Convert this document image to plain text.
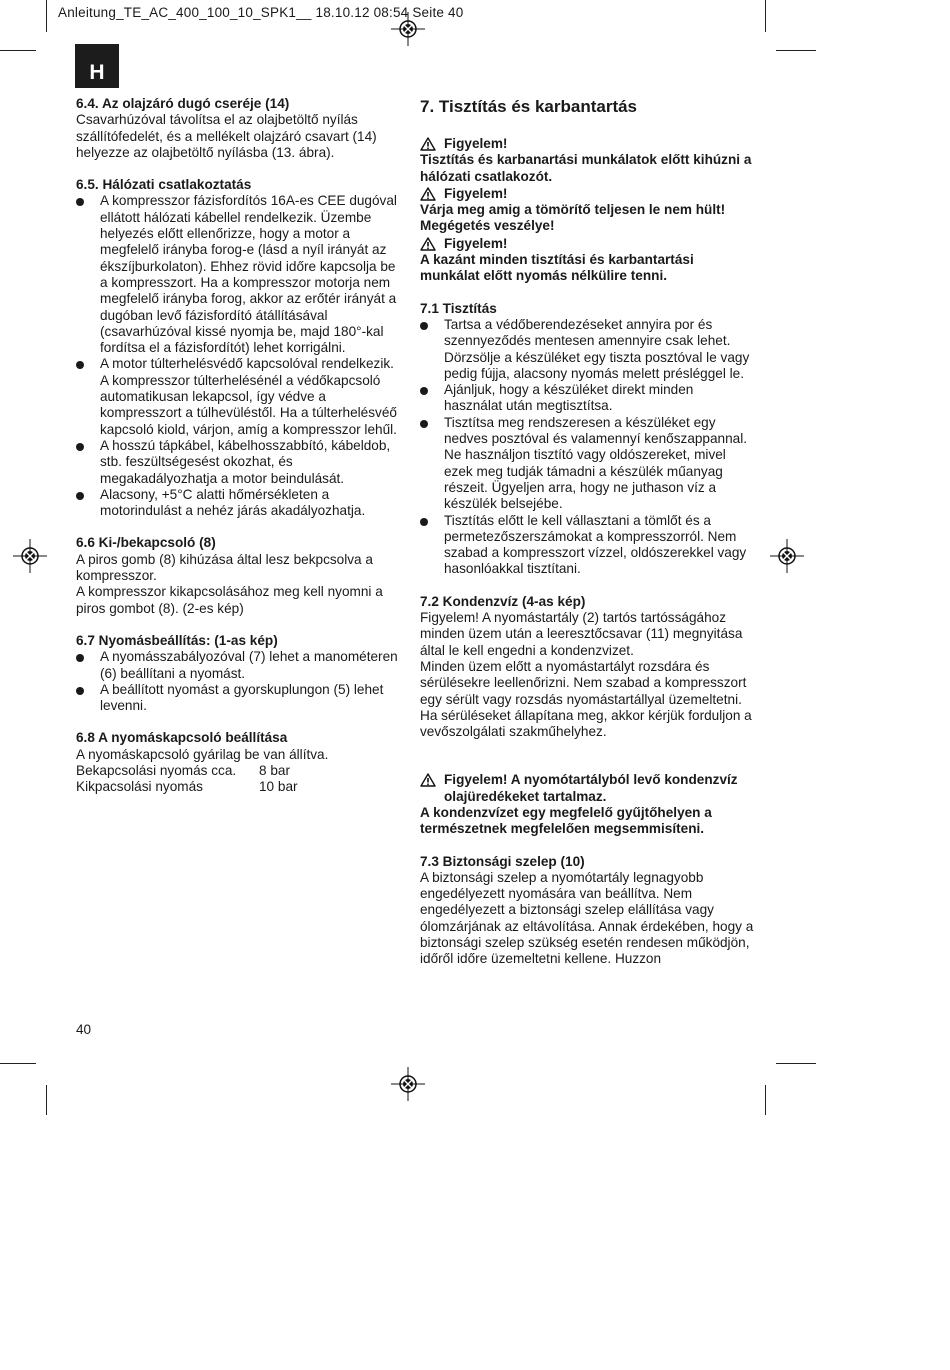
Anleitung_TE_AC_400_100_10_SPK1__ 18.10.12 08:54 Seite 40
H
6.4. Az olajzáró dugó cseréje (14)

Csavarhúzóval távolítsa el az olajbetöltő nyílás szállítófedelét, és a mellékelt olajzáró csavart (14) helyezze az olajbetöltő nyílásba (13. ábra).

6.5. Hálózati csatlakoztatás
A kompresszor fázisfordítós 16A-es CEE dugóval ellátott hálózati kábellel rendelkezik. Üzembe helyezés előtt ellenőrizze, hogy a motor a megfelelő irányba forog-e (lásd a nyíl irányát az ékszíjburkolaton). Ehhez rövid időre kapcsolja be a kompresszort. Ha a kompresszor motorja nem megfelelő irányba forog, akkor az erőtér irányát a dugóban levő fázisfordító átállításával (csavarhúzóval kissé nyomja be, majd 180°-kal fordítsa el a fázisfordítót) lehet korrigálni.
A motor túlterhelésvédő kapcsolóval rendelkezik. A kompresszor túlterhelésénél a védőkapcsoló automatikusan lekapcsol, így védve a kompresszort a túlhevüléstől. Ha a túlterhelésvéő kapcsoló kiold, várjon, amíg a kompresszor lehűl.
A hosszú tápkábel, kábelhosszabbító, kábeldob, stb. feszültségesést okozhat, és megakadályozhatja a motor beindulását.
Alacsony, +5°C alatti hőmérsékleten a motorindulást a nehéz járás akadályozhatja.
6.6 Ki-/bekapcsoló (8)

A piros gomb (8) kihúzása által lesz bekpcsolva a kompresszor.

A kompresszor kikapcsolásához meg kell nyomni a piros gombot (8). (2-es kép)

6.7 Nyomásbeállítás: (1-as kép)
A nyomásszabályozóval (7) lehet a manométeren (6) beállítani a nyomást.
A beállított nyomást a gyorskuplungon (5) lehet levenni.
6.8 A nyomáskapcsoló beállítása

A nyomáskapcsoló gyárilag be van állítva.

Bekapcsolási nyomás cca.	8 bar
Kikpacsolási nyomás	10 bar
7. Tisztítás és karbantartás
Figyelem!
Tisztítás és karbanartási munkálatok előtt kihúzni a hálózati csatlakozót.
Figyelem!
Várja meg amig a tömörítő teljesen le nem hült! Megégetés veszélye!
Figyelem!
A kazánt minden tisztítási és karbantartási munkálat előtt nyomás nélkülire tenni.
7.1 Tisztítás
Tartsa a védőberendezéseket annyira por és szennyeződés mentesen amennyire csak lehet. Dörzsölje a készüléket egy tiszta posztóval le vagy pedig fújja, alacsony nyomás melett présléggel le.
Ajánljuk, hogy a készüléket direkt minden használat után megtisztítsa.
Tisztítsa meg rendszeresen a készüléket egy nedves posztóval és valamennyí kenőszappannal. Ne használjon tisztító vagy oldószereket, mivel ezek meg tudják támadni a készülék műanyag részeit. Ügyeljen arra, hogy ne juthason víz a készülék belsejébe.
Tisztítás előtt le kell vállasztani a tömlőt és a permetezőszerszámokat a kompresszorról. Nem szabad a kompresszort vízzel, oldószerekkel vagy hasonlóakkal tisztítani.
7.2 Kondenzvíz (4-as kép)

Figyelem! A nyomástartály (2) tartós tartósságához minden üzem után a leeresztőcsavar (11) megnyitása által le kell engedni a kondenzvizet.

Minden üzem előtt a nyomástartályt rozsdára és sérülésekre leellenőrizni. Nem szabad a kompresszort egy sérült vagy rozsdás nyomástartállyal üzemeltetni. Ha sérüléseket állapítana meg, akkor kérjük forduljon a vevőszolgálati szakműhelyhez.

Figyelem! A nyomótartályból levő kondenzvíz olajüredékeket tartalmaz.
A kondenzvízet egy megfelelő gyűjtőhelyen a természetnek megfelelően megsemmisíteni.
7.3 Biztonsági szelep (10)

A biztonsági szelep a nyomótartály legnagyobb engedélyezett nyomására van beállítva. Nem engedélyezett a biztonsági szelep elállítása vagy ólomzárjának az eltávolítása. Annak érdekében, hogy a biztonsági szelep szükség esetén rendesen működjön, időről időre üzemeltetni kellene. Huzzon

40
